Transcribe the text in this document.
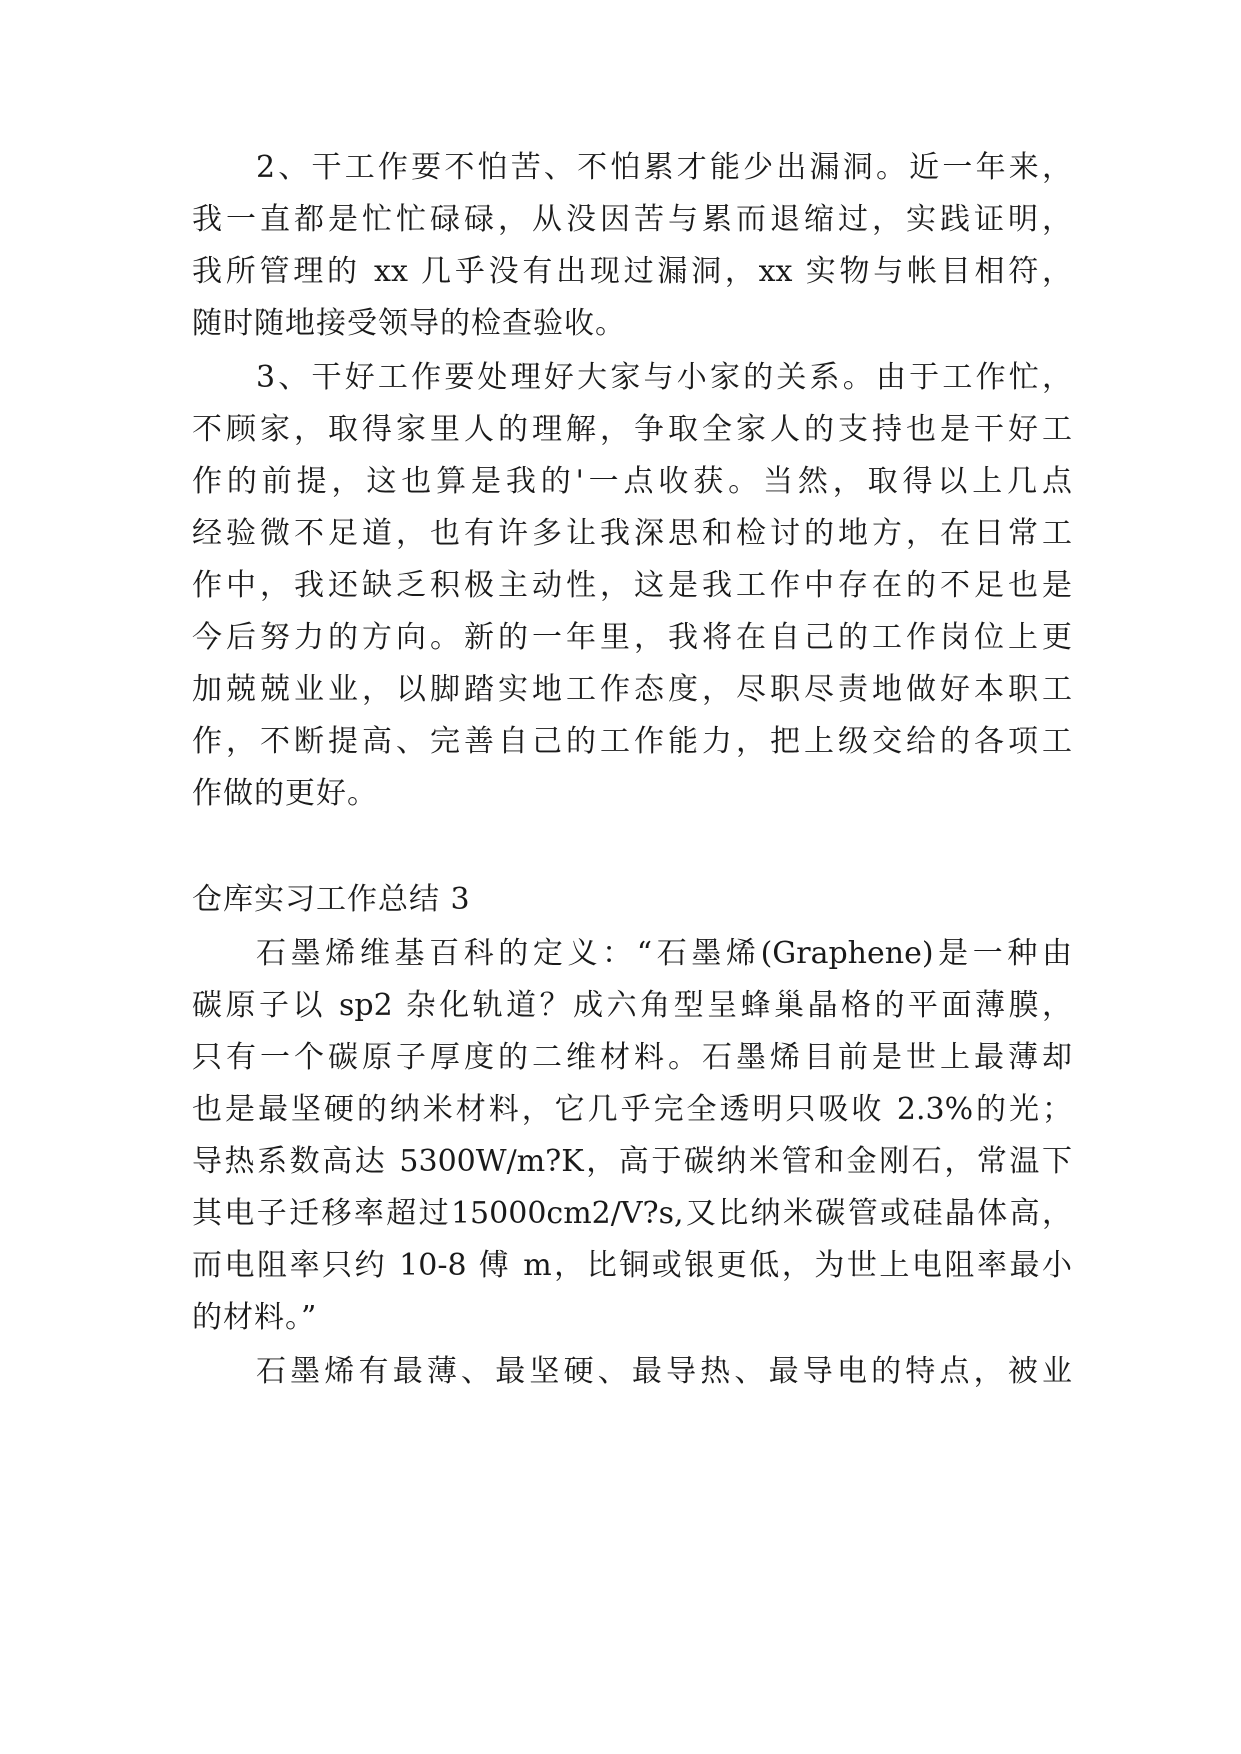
2、干工作要不怕苦、不怕累才能少出漏洞。近一年来，
我一直都是忙忙碌碌，从没因苦与累而退缩过，实践证明，
我所管理的 xx 几乎没有出现过漏洞，xx 实物与帐目相符，
随时随地接受领导的检查验收。
3、干好工作要处理好大家与小家的关系。由于工作忙，
不顾家，取得家里人的理解，争取全家人的支持也是干好工
作的前提，这也算是我的'一点收获。当然，取得以上几点
经验微不足道，也有许多让我深思和检讨的地方，在日常工
作中，我还缺乏积极主动性，这是我工作中存在的不足也是
今后努力的方向。新的一年里，我将在自己的工作岗位上更
加兢兢业业，以脚踏实地工作态度，尽职尽责地做好本职工
作，不断提高、完善自己的工作能力，把上级交给的各项工
作做的更好。
仓库实习工作总结 3
石墨烯维基百科的定义：“石墨烯(Graphene)是一种由
碳原子以 sp2 杂化轨道？成六角型呈蜂巢晶格的平面薄膜，
只有一个碳原子厚度的二维材料。石墨烯目前是世上最薄却
也是最坚硬的纳米材料，它几乎完全透明只吸收 2.3%的光；
导热系数高达 5300W/m?K，高于碳纳米管和金刚石，常温下
其电子迁移率超过15000cm2/V?s,又比纳米碳管或硅晶体高，
而电阻率只约 10-8 傅 m，比铜或银更低，为世上电阻率最小
的材料。”
石墨烯有最薄、最坚硬、最导热、最导电的特点，被业
